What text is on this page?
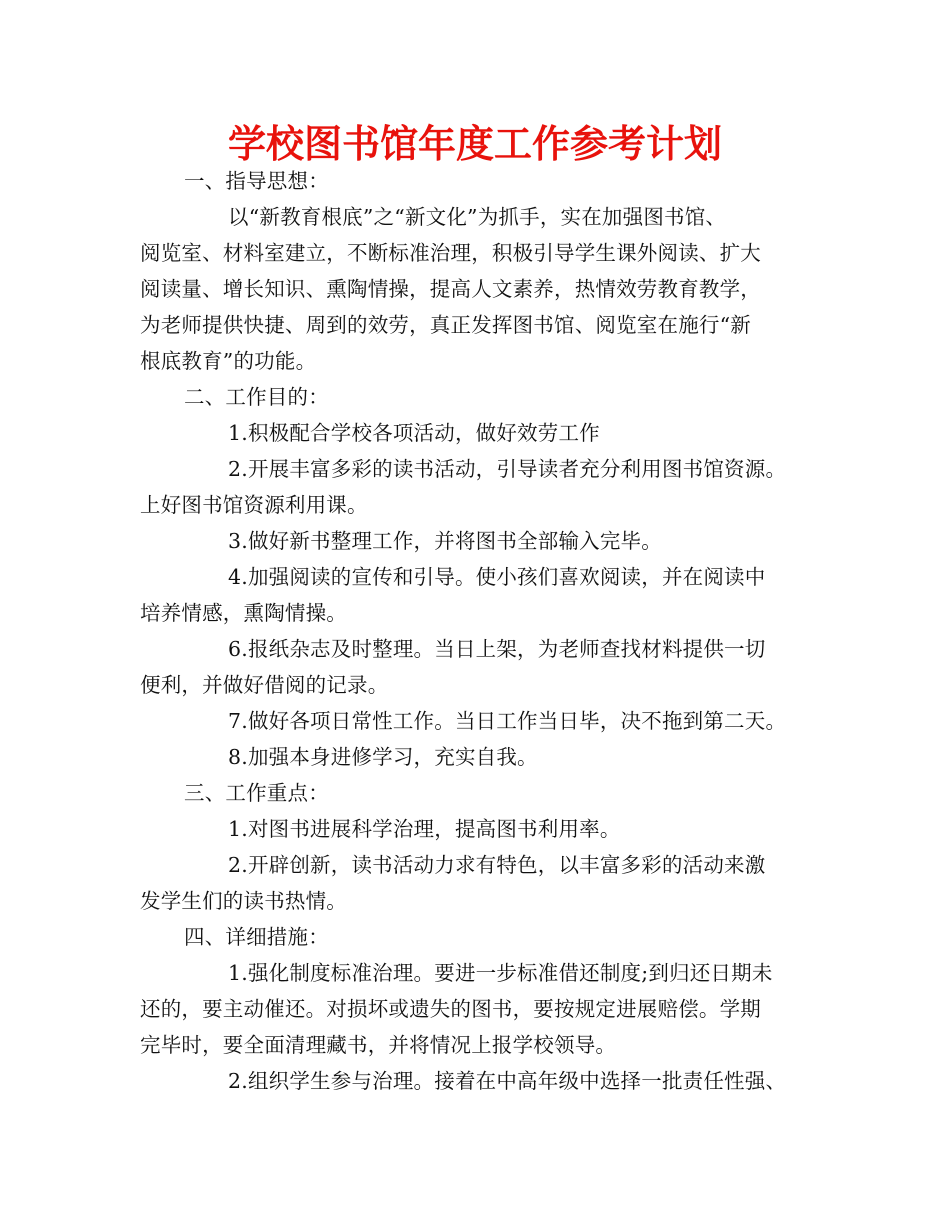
学校图书馆年度工作参考计划
一、指导思想：
以“新教育根底”之“新文化”为抓手，实在加强图书馆、
阅览室、材料室建立，不断标准治理，积极引导学生课外阅读、扩大
阅读量、增长知识、熏陶情操，提高人文素养，热情效劳教育教学，
为老师提供快捷、周到的效劳，真正发挥图书馆、阅览室在施行“新
根底教育”的功能。
二、工作目的：
1.积极配合学校各项活动，做好效劳工作
2.开展丰富多彩的读书活动，引导读者充分利用图书馆资源。
上好图书馆资源利用课。
3.做好新书整理工作，并将图书全部输入完毕。
4.加强阅读的宣传和引导。使小孩们喜欢阅读，并在阅读中
培养情感，熏陶情操。
6.报纸杂志及时整理。当日上架，为老师查找材料提供一切
便利，并做好借阅的记录。
7.做好各项日常性工作。当日工作当日毕，决不拖到第二天。
8.加强本身进修学习，充实自我。
三、工作重点：
1.对图书进展科学治理，提高图书利用率。
2.开辟创新，读书活动力求有特色，以丰富多彩的活动来激
发学生们的读书热情。
四、详细措施：
1.强化制度标准治理。要进一步标准借还制度;到归还日期未
还的，要主动催还。对损坏或遗失的图书，要按规定进展赔偿。学期
完毕时，要全面清理藏书，并将情况上报学校领导。
2.组织学生参与治理。接着在中高年级中选择一批责任性强、
